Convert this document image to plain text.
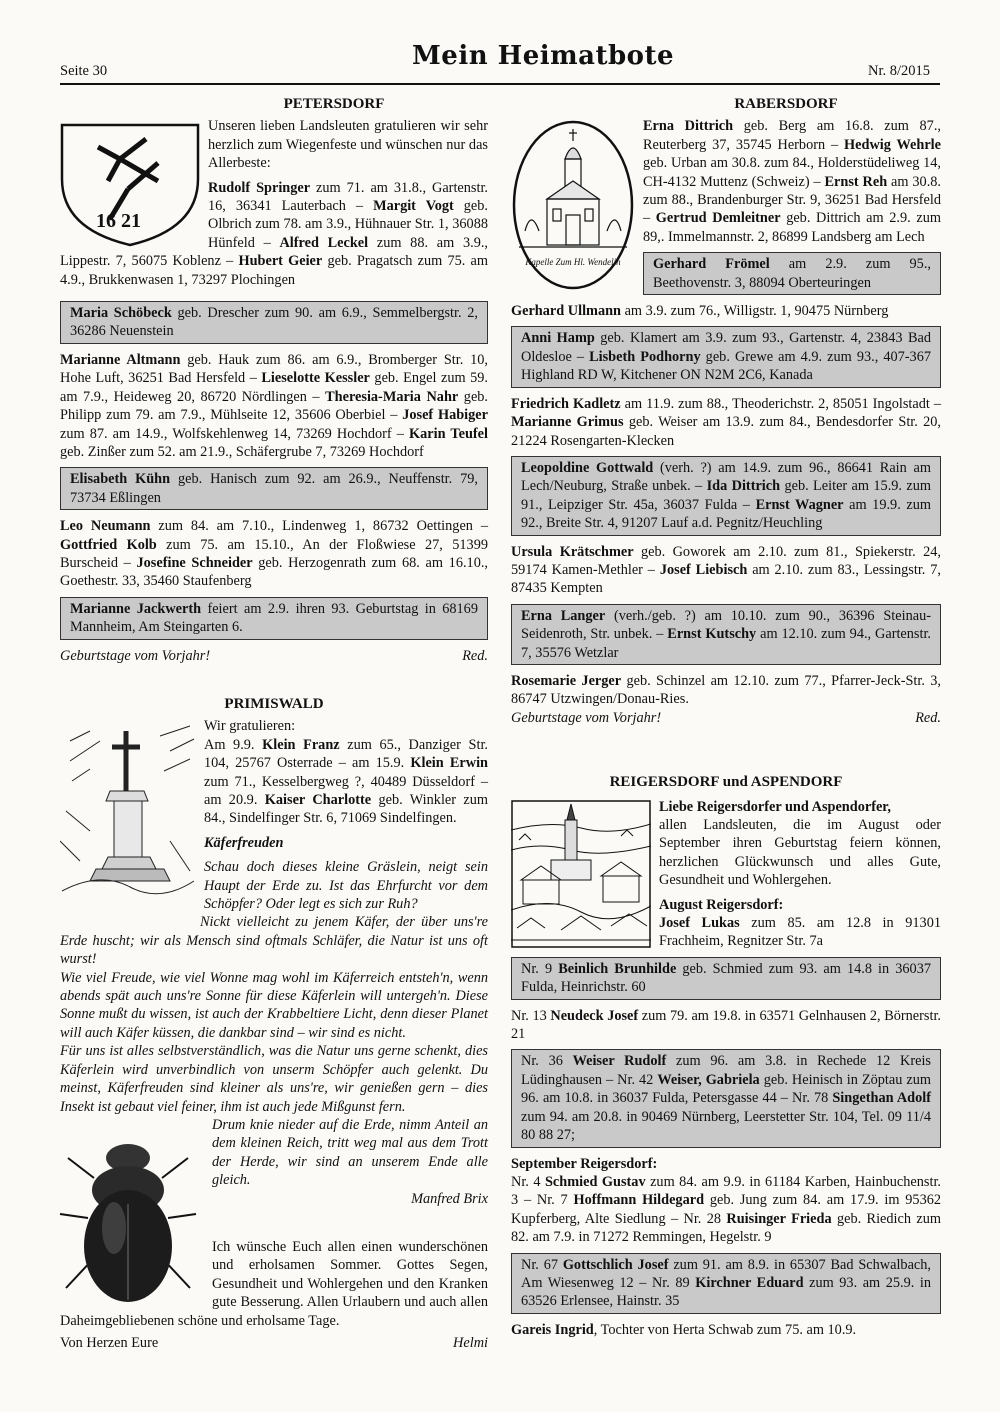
Seite 30	Mein Heimatbote	Nr. 8/2015
PETERSDORF
16 21

Unseren lieben Landsleuten gratulieren wir sehr herzlich zum Wiegenfeste und wünschen nur das Allerbeste:

Rudolf Springer zum 71. am 31.8., Gartenstr. 16, 36341 Lauterbach – Margit Vogt geb. Olbrich zum 78. am 3.9., Hühnauer Str. 1, 36088 Hünfeld – Alfred Leckel zum 88. am 3.9., Lippestr. 7, 56075 Koblenz – Hubert Geier geb. Pragatsch zum 75. am 4.9., Brukkenwasen 1, 73297 Plochingen

Maria Schöbeck geb. Drescher zum 90. am 6.9., Semmelbergstr. 2, 36286 Neuenstein

Marianne Altmann geb. Hauk zum 86. am 6.9., Bromberger Str. 10, Hohe Luft, 36251 Bad Hersfeld – Lieselotte Kessler geb. Engel zum 59. am 7.9., Heideweg 20, 86720 Nördlingen – Theresia-Maria Nahr geb. Philipp zum 79. am 7.9., Mühlseite 12, 35606 Oberbiel – Josef Habiger zum 87. am 14.9., Wolfskehlenweg 14, 73269 Hochdorf – Karin Teufel geb. Zinßer zum 52. am 21.9., Schäfergrube 7, 73269 Hochdorf

Elisabeth Kühn geb. Hanisch zum 92. am 26.9., Neuffenstr. 79, 73734 Eßlingen

Leo Neumann zum 84. am 7.10., Lindenweg 1, 86732 Oettingen – Gottfried Kolb zum 75. am 15.10., An der Floßwiese 27, 51399 Burscheid – Josefine Schneider geb. Herzogenrath zum 68. am 16.10., Goethestr. 33, 35460 Staufenberg

Marianne Jackwerth feiert am 2.9. ihren 93. Geburtstag in 68169 Mannheim, Am Steingarten 6.
Geburtstage vom Vorjahr!	Red.
PRIMISWALD

Wir gratulieren:

Am 9.9. Klein Franz zum 65., Danziger Str. 104, 25767 Osterrade – am 15.9. Klein Erwin zum 71., Kesselbergweg ?, 40489 Düsseldorf – am 20.9. Kaiser Charlotte geb. Winkler zum 84., Sindelfinger Str. 6, 71069 Sindelfingen.

Käferfreuden

Schau doch dieses kleine Gräslein, neigt sein Haupt der Erde zu. Ist das Ehrfurcht vor dem Schöpfer? Oder legt es sich zur Ruh?

Nickt vielleicht zu jenem Käfer, der über uns're Erde huscht; wir als Mensch sind oftmals Schläfer, die Natur ist uns oft wurst!

Wie viel Freude, wie viel Wonne mag wohl im Käferreich entsteh'n, wenn abends spät auch uns're Sonne für diese Käferlein will untergeh'n. Diese Sonne mußt du wissen, ist auch der Krabbeltiere Licht, denn dieser Planet will auch Käfer küssen, die dankbar sind – wir sind es nicht.

Für uns ist alles selbstverständlich, was die Natur uns gerne schenkt, dies Käferlein wird unverbindlich von unserm Schöpfer auch gelenkt. Du meinst, Käferfreuden sind kleiner als uns're, wir genießen gern – dies Insekt ist gebaut viel feiner, ihm ist auch jede Mißgunst fern.

Drum knie nieder auf die Erde, nimm Anteil an dem kleinen Reich, tritt weg mal aus dem Trott der Herde, wir sind an unserem Ende alle gleich.

Manfred Brix

Ich wünsche Euch allen einen wunderschönen und erholsamen Sommer. Gottes Segen, Gesundheit und Wohlergehen und den Kranken gute Besserung. Allen Urlaubern und auch allen Daheimgebliebenen schöne und erholsame Tage.

Von Herzen Eure	Helmi
RABERSDORF
Kapelle Zum Hl. Wendelin

Erna Dittrich geb. Berg am 16.8. zum 87., Reuterberg 37, 35745 Herborn – Hedwig Wehrle geb. Urban am 30.8. zum 84., Holderstüdeliweg 14, CH-4132 Muttenz (Schweiz) – Ernst Reh am 30.8. zum 88., Brandenburger Str. 9, 36251 Bad Hersfeld – Gertrud Demleitner geb. Dittrich am 2.9. zum 89,. Immelmannstr. 2, 86899 Landsberg am Lech

Gerhard Frömel am 2.9. zum 95., Beethovenstr. 3, 88094 Oberteuringen

Gerhard Ullmann am 3.9. zum 76., Willigstr. 1, 90475 Nürnberg

Anni Hamp geb. Klamert am 3.9. zum 93., Gartenstr. 4, 23843 Bad Oldesloe – Lisbeth Podhorny geb. Grewe am 4.9. zum 93., 407-367 Highland RD W, Kitchener ON N2M 2C6, Kanada

Friedrich Kadletz am 11.9. zum 88., Theoderichstr. 2, 85051 Ingolstadt – Marianne Grimus geb. Weiser am 13.9. zum 84., Bendesdorfer Str. 20, 21224 Rosengarten-Klecken

Leopoldine Gottwald (verh. ?) am 14.9. zum 96., 86641 Rain am Lech/Neuburg, Straße unbek. – Ida Dittrich geb. Leiter am 15.9. zum 91., Leipziger Str. 45a, 36037 Fulda – Ernst Wagner am 19.9. zum 92., Breite Str. 4, 91207 Lauf a.d. Pegnitz/Heuchling

Ursula Krätschmer geb. Goworek am 2.10. zum 81., Spiekerstr. 24, 59174 Kamen-Methler – Josef Liebisch am 2.10. zum 83., Lessingstr. 7, 87435 Kempten

Erna Langer (verh./geb. ?) am 10.10. zum 90., 36396 Steinau-Seidenroth, Str. unbek. – Ernst Kutschy am 12.10. zum 94., Gartenstr. 7, 35576 Wetzlar

Rosemarie Jerger geb. Schinzel am 12.10. zum 77., Pfarrer-Jeck-Str. 3, 86747 Utzwingen/Donau-Ries.

Geburtstage vom Vorjahr!	Red.
REIGERSDORF und ASPENDORF

Liebe Reigersdorfer und Aspendorfer,

allen Landsleuten, die im August oder September ihren Geburtstag feiern können, herzlichen Glückwunsch und alles Gute, Gesundheit und Wohlergehen.

August Reigersdorf:

Josef Lukas zum 85. am 12.8 in 91301 Frachheim, Regnitzer Str. 7a

Nr. 9 Beinlich Brunhilde geb. Schmied zum 93. am 14.8 in 36037 Fulda, Heinrichstr. 60

Nr. 13 Neudeck Josef zum 79. am 19.8. in 63571 Gelnhausen 2, Börnerstr. 21

Nr. 36 Weiser Rudolf zum 96. am 3.8. in Rechede 12 Kreis Lüdinghausen – Nr. 42 Weiser, Gabriela geb. Heinisch in Zöptau zum 96. am 10.8. in 36037 Fulda, Petersgasse 44 – Nr. 78 Singethan Adolf zum 94. am 20.8. in 90469 Nürnberg, Leerstetter Str. 104, Tel. 09 11/4 80 88 27;

September Reigersdorf:

Nr. 4 Schmied Gustav zum 84. am 9.9. in 61184 Karben, Hainbuchenstr. 3 – Nr. 7 Hoffmann Hildegard geb. Jung zum 84. am 17.9. im 95362 Kupferberg, Alte Siedlung – Nr. 28 Ruisinger Frieda geb. Riedich zum 82. am 7.9. in 71272 Remmingen, Hegelstr. 9

Nr. 67 Gottschlich Josef zum 91. am 8.9. in 65307 Bad Schwalbach, Am Wiesenweg 12 – Nr. 89 Kirchner Eduard zum 93. am 25.9. in 63526 Erlensee, Hainstr. 35

Gareis Ingrid, Tochter von Herta Schwab zum 75. am 10.9.
